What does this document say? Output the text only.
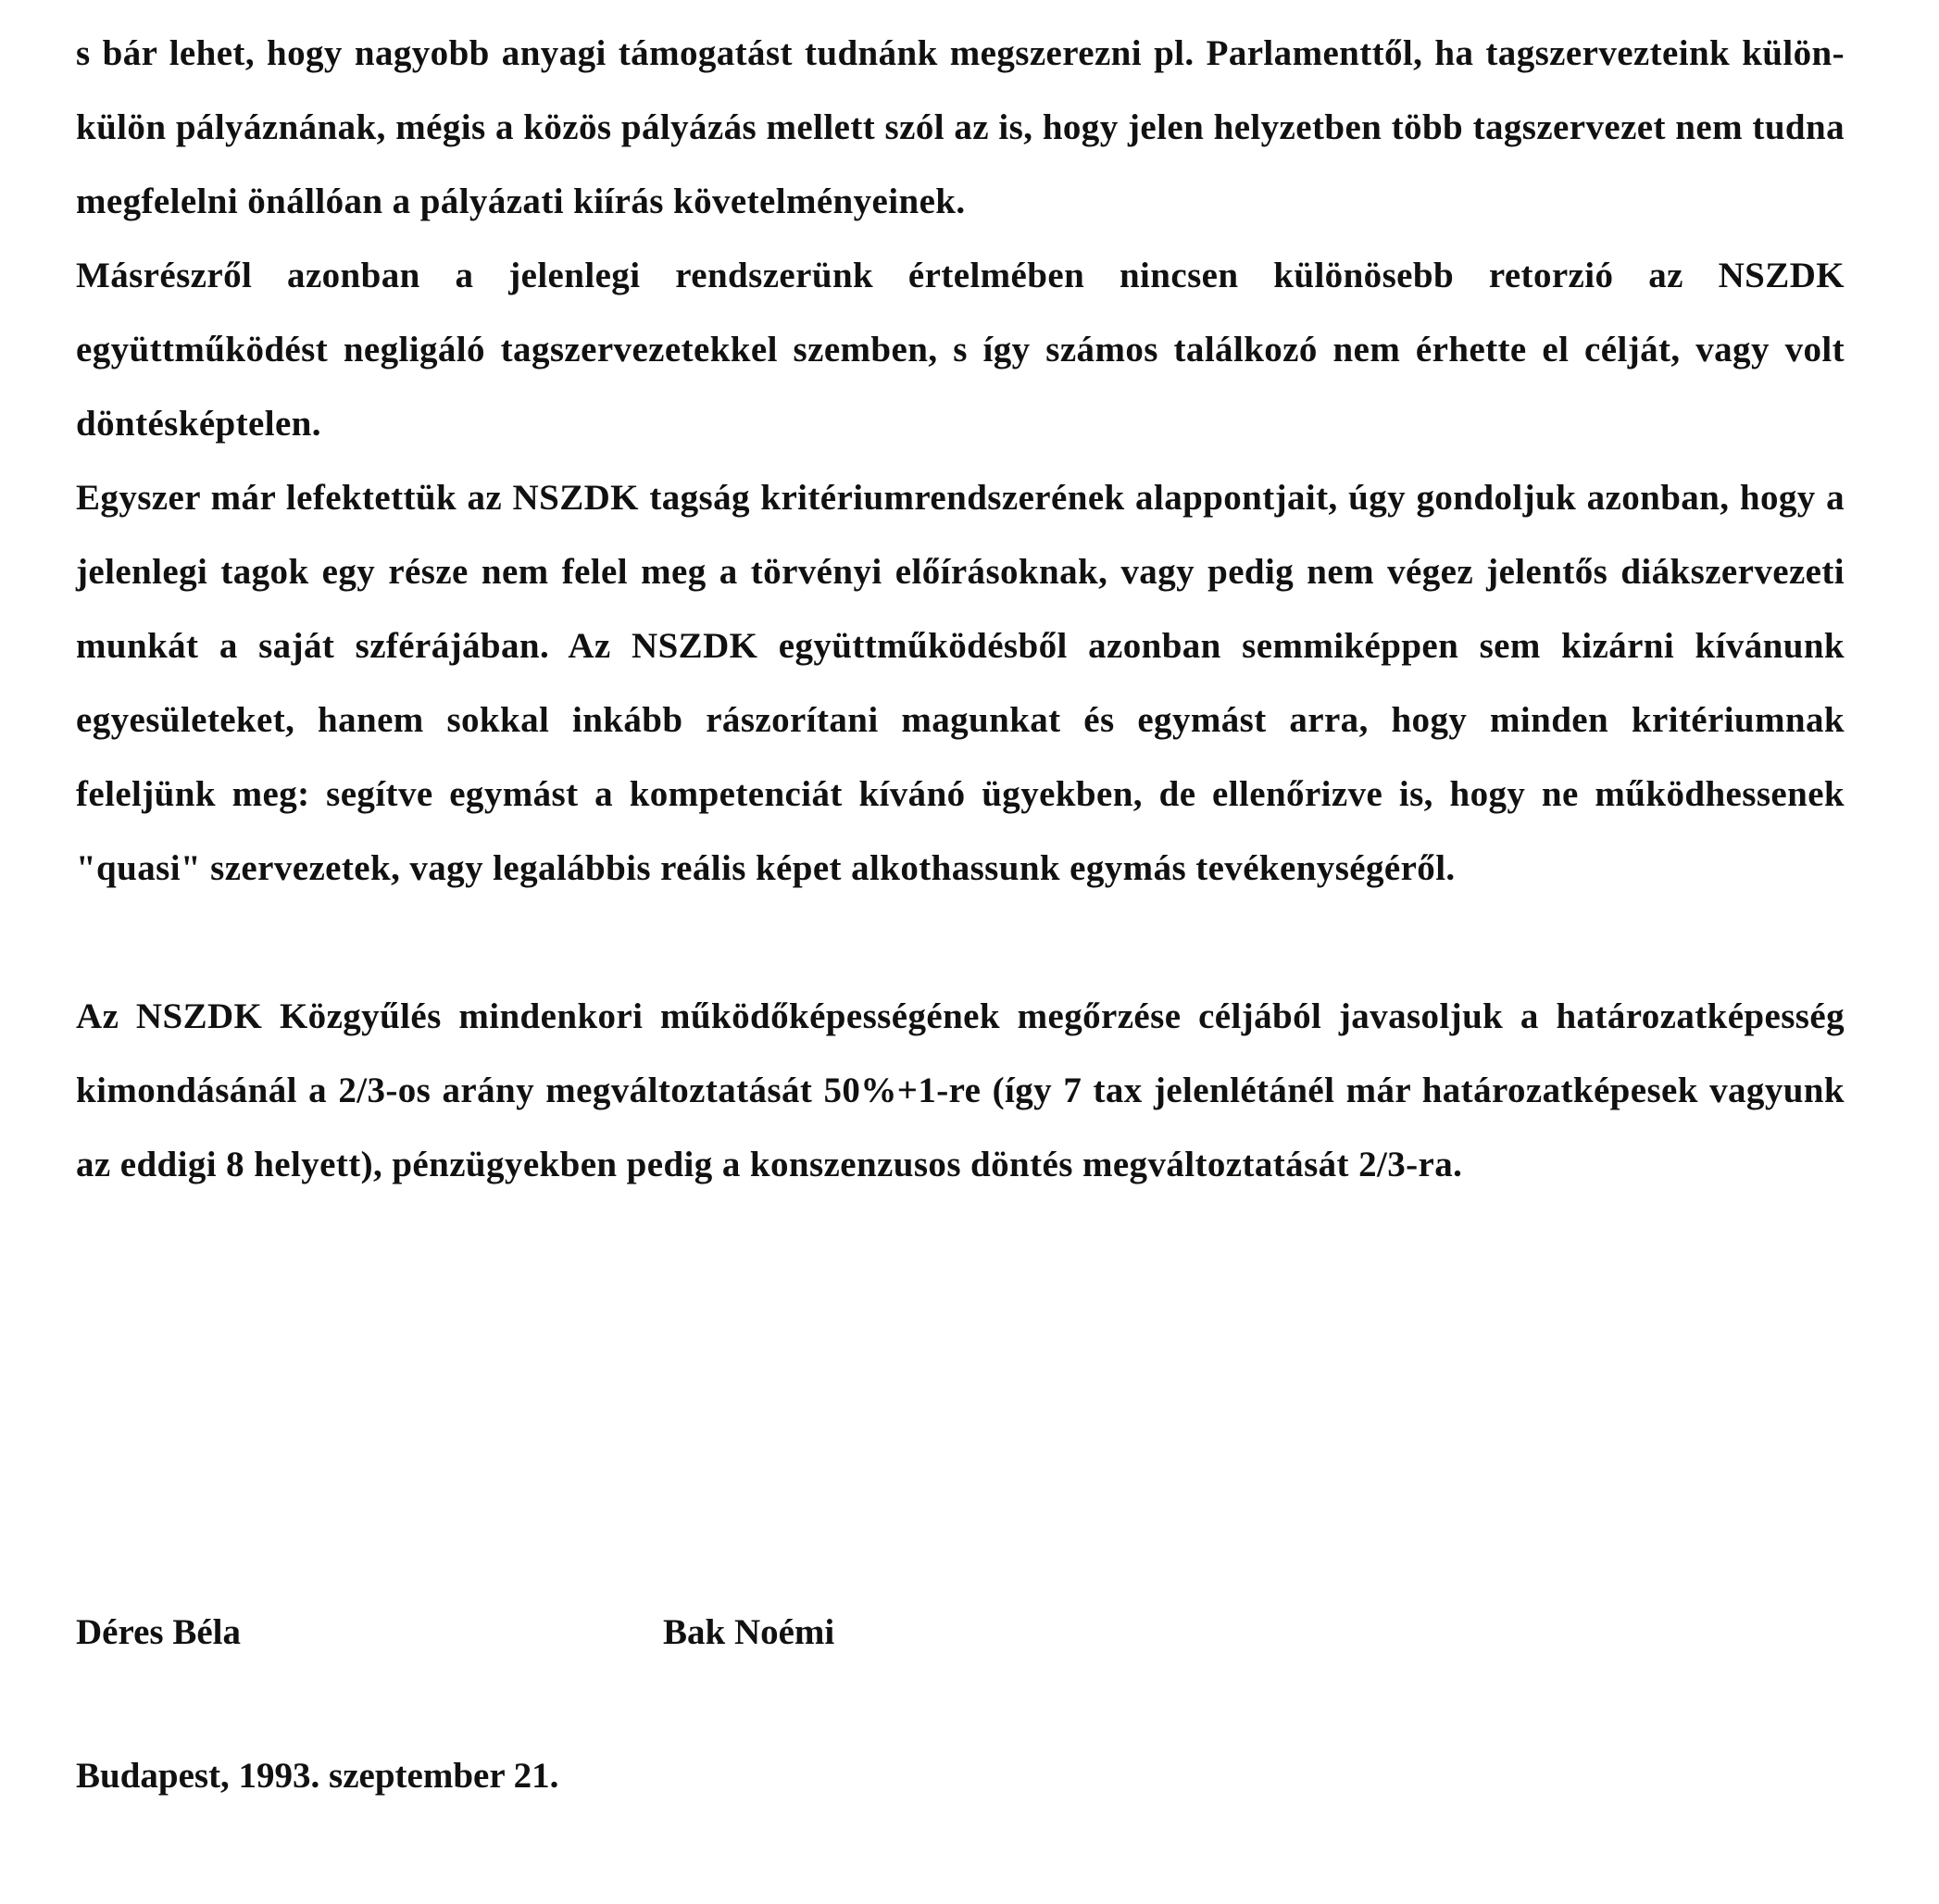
s bár lehet, hogy nagyobb anyagi támogatást tudnánk megszerezni pl. Parlamenttől, ha tagszervezteink külön-külön pályáznának, mégis a közös pályázás mellett szól az is, hogy jelen helyzetben több tagszervezet nem tudna megfelelni önállóan a pályázati kiírás követelményeinek.

Másrészről azonban a jelenlegi rendszerünk értelmében nincsen különösebb retorzió az NSZDK együttműködést negligáló tagszervezetekkel szemben, s így számos találkozó nem érhette el célját, vagy volt döntésképtelen.

Egyszer már lefektettük az NSZDK tagság kritériumrendszerének alappontjait, úgy gondoljuk azonban, hogy a jelenlegi tagok egy része nem felel meg a törvényi előírásoknak, vagy pedig nem végez jelentős diákszervezeti munkát a saját szférájában. Az NSZDK együttműködésből azonban semmiképpen sem kizárni kívánunk egyesületeket, hanem sokkal inkább rászorítani magunkat és egymást arra, hogy minden kritériumnak feleljünk meg: segítve egymást a kompetenciát kívánó ügyekben, de ellenőrizve is, hogy ne működhessenek "quasi" szervezetek, vagy legalábbis reális képet alkothassunk egymás tevékenységéről.

Az NSZDK Közgyűlés mindenkori működőképességének megőrzése céljából javasoljuk a határozatképesség kimondásánál a 2/3-os arány megváltoztatását 50%+1-re (így 7 tax jelenlétánél már határozatképesek vagyunk az eddigi 8 helyett), pénzügyekben pedig a konszenzusos döntés megváltoztatását 2/3-ra.

Déres Béla	Bak Noémi
Budapest, 1993. szeptember 21.
